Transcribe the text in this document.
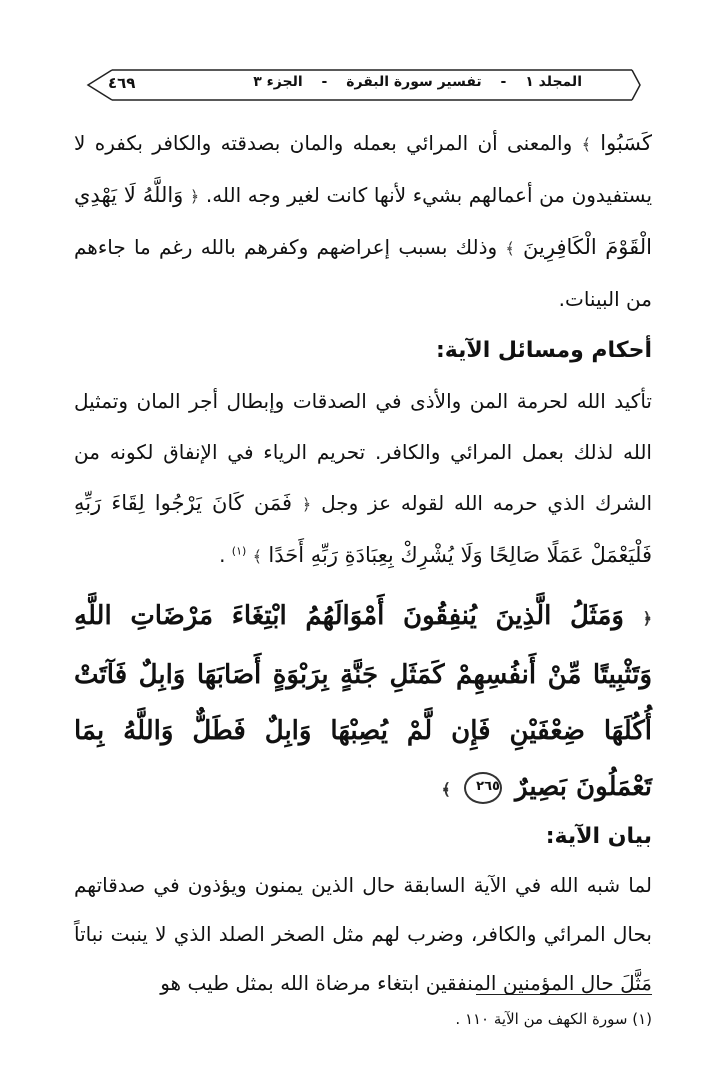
المجلد ١ - تفسير سورة البقرة - الجزء ٣
٤٦٩

كَسَبُوا ﴾ والمعنى أن المرائي بعمله والمان بصدقته والكافر بكفره لا يستفيدون من أعمالهم بشيء لأنها كانت لغير وجه الله. ﴿ وَاللَّهُ لَا يَهْدِي الْقَوْمَ الْكَافِرِينَ ﴾ وذلك بسبب إعراضهم وكفرهم بالله رغم ما جاءهم من البينات.

أحكام ومسائل الآية:

تأكيد الله لحرمة المن والأذى في الصدقات وإبطال أجر المان وتمثيل الله لذلك بعمل المرائي والكافر. تحريم الرياء في الإنفاق لكونه من الشرك الذي حرمه الله لقوله عز وجل ﴿ فَمَن كَانَ يَرْجُوا لِقَاءَ رَبِّهِ فَلْيَعْمَلْ عَمَلًا صَالِحًا وَلَا يُشْرِكْ بِعِبَادَةِ رَبِّهِ أَحَدًا ﴾ $^{(١)}$ .

﴿ وَمَثَلُ الَّذِينَ يُنفِقُونَ أَمْوَالَهُمُ ابْتِغَاءَ مَرْضَاتِ اللَّهِ وَتَثْبِيتًا مِّنْ أَنفُسِهِمْ كَمَثَلِ جَنَّةٍ بِرَبْوَةٍ أَصَابَهَا وَابِلٌ فَآتَتْ أُكُلَهَا ضِعْفَيْنِ فَإِن لَّمْ يُصِبْهَا وَابِلٌ فَطَلٌّ وَاللَّهُ بِمَا تَعْمَلُونَ بَصِيرٌ ٢٦٥ ﴾

بيان الآية:

لما شبه الله في الآية السابقة حال الذين يمنون ويؤذون في صدقاتهم بحال المرائي والكافر، وضرب لهم مثل الصخر الصلد الذي لا ينبت نباتاً مَثَّلَ حال المؤمنين المنفقين ابتغاء مرضاة الله بمثل طيب هو

(١) سورة الكهف من الآية ١١٠ .
